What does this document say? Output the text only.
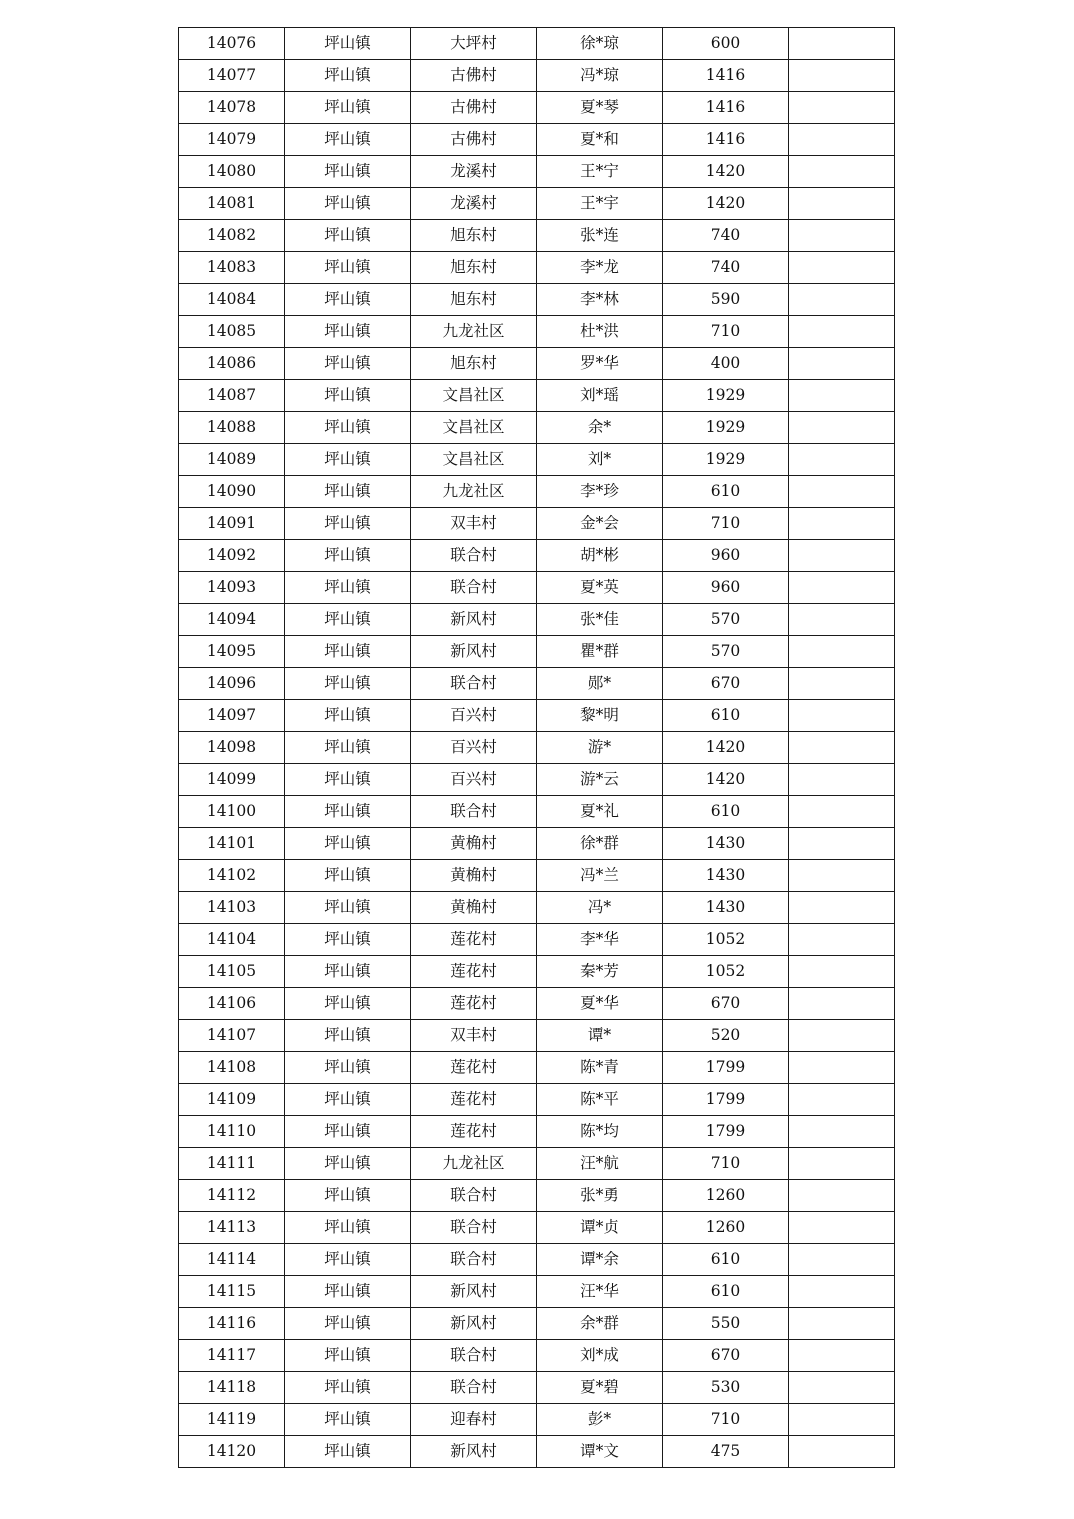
14076	坪山镇	大坪村	徐*琼	600	
14077	坪山镇	古佛村	冯*琼	1416	
14078	坪山镇	古佛村	夏*琴	1416	
14079	坪山镇	古佛村	夏*和	1416	
14080	坪山镇	龙溪村	王*宁	1420	
14081	坪山镇	龙溪村	王*宇	1420	
14082	坪山镇	旭东村	张*连	740	
14083	坪山镇	旭东村	李*龙	740	
14084	坪山镇	旭东村	李*林	590	
14085	坪山镇	九龙社区	杜*洪	710	
14086	坪山镇	旭东村	罗*华	400	
14087	坪山镇	文昌社区	刘*瑶	1929	
14088	坪山镇	文昌社区	余*	1929	
14089	坪山镇	文昌社区	刘*	1929	
14090	坪山镇	九龙社区	李*珍	610	
14091	坪山镇	双丰村	金*会	710	
14092	坪山镇	联合村	胡*彬	960	
14093	坪山镇	联合村	夏*英	960	
14094	坪山镇	新风村	张*佳	570	
14095	坪山镇	新风村	瞿*群	570	
14096	坪山镇	联合村	郧*	670	
14097	坪山镇	百兴村	黎*明	610	
14098	坪山镇	百兴村	游*	1420	
14099	坪山镇	百兴村	游*云	1420	
14100	坪山镇	联合村	夏*礼	610	
14101	坪山镇	黄桷村	徐*群	1430	
14102	坪山镇	黄桷村	冯*兰	1430	
14103	坪山镇	黄桷村	冯*	1430	
14104	坪山镇	莲花村	李*华	1052	
14105	坪山镇	莲花村	秦*芳	1052	
14106	坪山镇	莲花村	夏*华	670	
14107	坪山镇	双丰村	谭*	520	
14108	坪山镇	莲花村	陈*青	1799	
14109	坪山镇	莲花村	陈*平	1799	
14110	坪山镇	莲花村	陈*均	1799	
14111	坪山镇	九龙社区	汪*航	710	
14112	坪山镇	联合村	张*勇	1260	
14113	坪山镇	联合村	谭*贞	1260	
14114	坪山镇	联合村	谭*余	610	
14115	坪山镇	新风村	汪*华	610	
14116	坪山镇	新风村	余*群	550	
14117	坪山镇	联合村	刘*成	670	
14118	坪山镇	联合村	夏*碧	530	
14119	坪山镇	迎春村	彭*	710	
14120	坪山镇	新风村	谭*文	475	
